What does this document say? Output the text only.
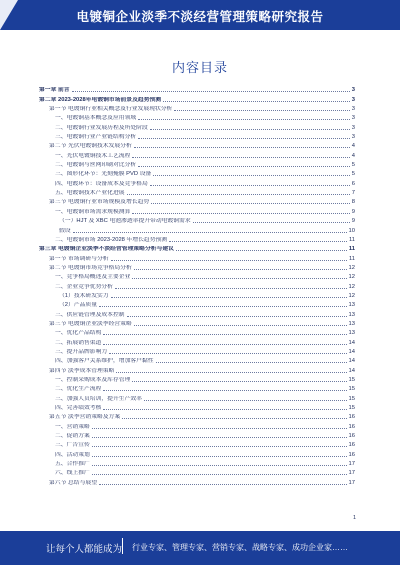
电镀铜企业淡季不淡经营管理策略研究报告
内容目录
第一章 前言	3
第二章 2023-2028年电镀铜市场前景及趋势预测	3
第一节 电镀铜行业相关概念及行业发展现状分析	3
一、电镀铜基本概念及应用领域	3
二、电镀铜行业发展历程及所处阶段	3
三、电镀铜行业产业链结构分析	3
第二节 光伏电镀铜技术发展分析	4
一、光伏电镀铜技术工艺流程	4
二、电镀铜与丝网印刷对比分析	5
三、图形化环节：光刻掩膜 PVD 设备	5
四、电镀环节：设备成本及竞争格局	6
五、电镀铜技术产业化进展	7
第三节 电镀铜行业市场规模及增长趋势	8
一、电镀铜市场需求规模测算	9
（一）HJT 及 XBC 电池渗透率提升带动电镀铜需求	9
假设	10
二、电镀铜市场 2023-2028 年增长趋势预测	11
第三章 电镀铜企业淡季不淡经营管理策略分析与建议	11
第一节 市场调研与分析	11
第二节 电镀铜市场竞争格局分析	12
一、竞争格局概述及主要企业	12
二、企业竞争优势分析	12
（1）技术研发实力	12
（2）产品质量	13
三、供应链管理及成本控制	13
第三节 电镀铜企业淡季经营策略	13
一、优化产品结构	13
二、拓展销售渠道	14
三、提升品牌影响力	14
四、加强客户关系维护，增加客户黏性	14
第四节 淡季成本管理策略	14
一、控制采购成本及库存管理	15
二、优化生产流程	15
三、加强人员培训，提升生产效率	15
四、完善绩效考核	15
第五节 淡季营销策略及方案	16
一、营销策略	16
二、促销方案	16
三、广告宣传	16
四、活动策划	16
五、合作推广	17
六、线上推广	17
第六节 总结与展望	17
1
让每个人都能成为 行业专家、管理专家、营销专家、战略专家、成功企业家……
